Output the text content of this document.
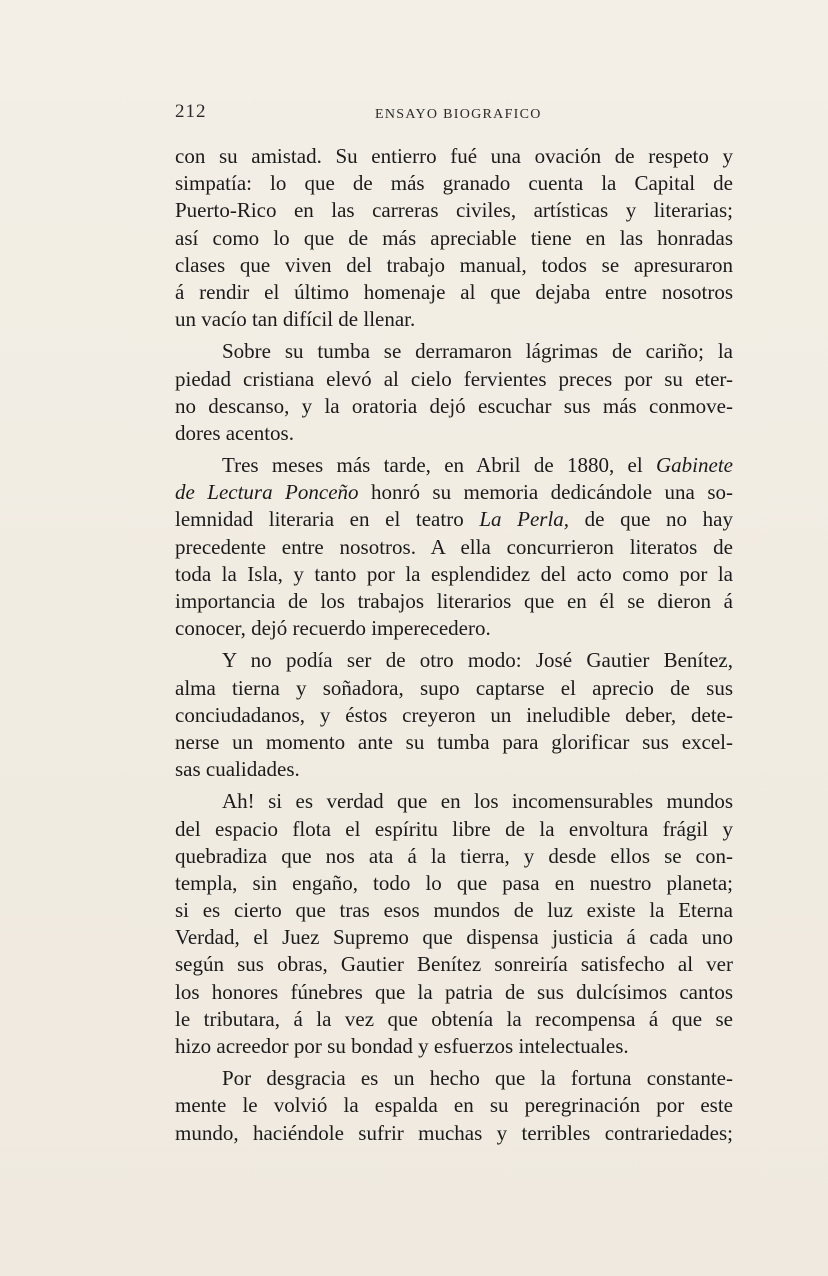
212	ENSAYO BIOGRAFICO

con su amistad. Su entierro fué una ovación de respeto y
simpatía: lo que de más granado cuenta la Capital de
Puerto-Rico en las carreras civiles, artísticas y literarias;
así como lo que de más apreciable tiene en las honradas
clases que viven del trabajo manual, todos se apresuraron
á rendir el último homenaje al que dejaba entre nosotros
un vacío tan difícil de llenar.

Sobre su tumba se derramaron lágrimas de cariño; la
piedad cristiana elevó al cielo fervientes preces por su eter-
no descanso, y la oratoria dejó escuchar sus más conmove-
dores acentos.

Tres meses más tarde, en Abril de 1880, el Gabinete
de Lectura Ponceño honró su memoria dedicándole una so-
lemnidad literaria en el teatro La Perla, de que no hay
precedente entre nosotros. A ella concurrieron literatos de
toda la Isla, y tanto por la esplendidez del acto como por la
importancia de los trabajos literarios que en él se dieron á
conocer, dejó recuerdo imperecedero.

Y no podía ser de otro modo: José Gautier Benítez,
alma tierna y soñadora, supo captarse el aprecio de sus
conciudadanos, y éstos creyeron un ineludible deber, dete-
nerse un momento ante su tumba para glorificar sus excel-
sas cualidades.

Ah! si es verdad que en los incomensurables mundos
del espacio flota el espíritu libre de la envoltura frágil y
quebradiza que nos ata á la tierra, y desde ellos se con-
templa, sin engaño, todo lo que pasa en nuestro planeta;
si es cierto que tras esos mundos de luz existe la Eterna
Verdad, el Juez Supremo que dispensa justicia á cada uno
según sus obras, Gautier Benítez sonreiría satisfecho al ver
los honores fúnebres que la patria de sus dulcísimos cantos
le tributara, á la vez que obtenía la recompensa á que se
hizo acreedor por su bondad y esfuerzos intelectuales.

Por desgracia es un hecho que la fortuna constante-
mente le volvió la espalda en su peregrinación por este
mundo, haciéndole sufrir muchas y terribles contrariedades;
